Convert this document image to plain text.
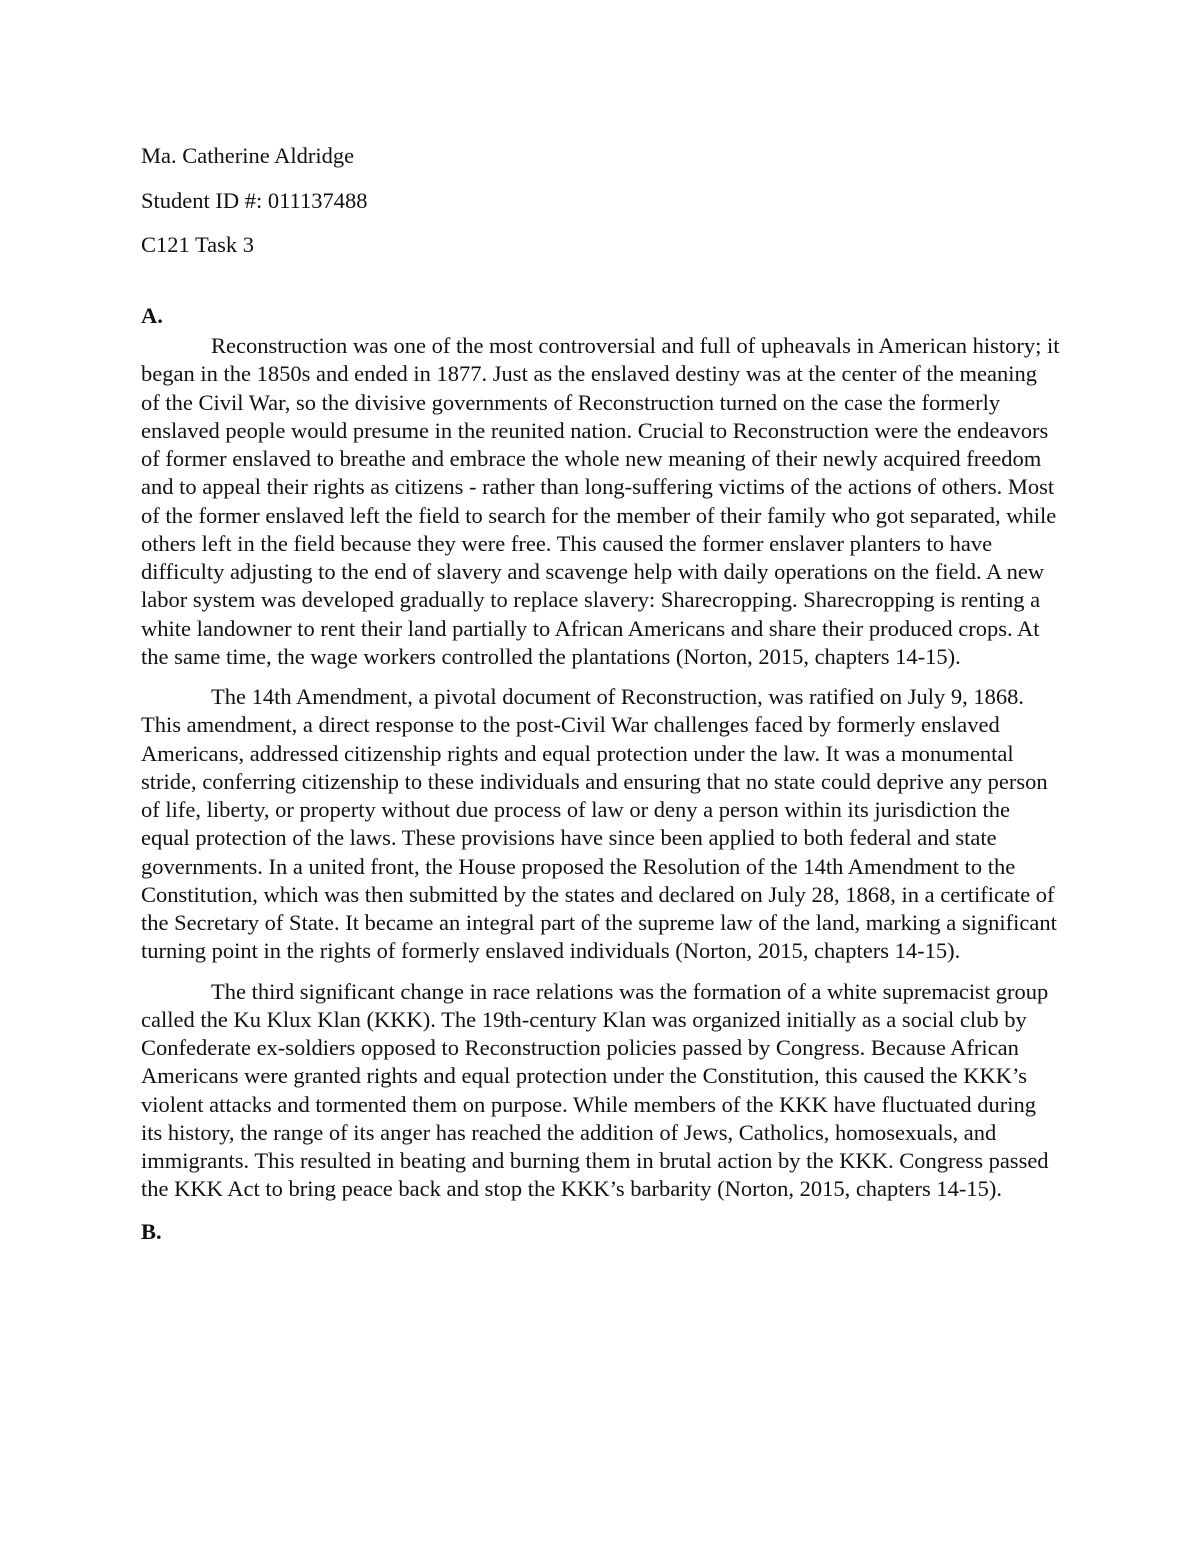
Ma. Catherine Aldridge

Student ID #: 011137488

C121 Task 3

A.

Reconstruction was one of the most controversial and full of upheavals in American history; it began in the 1850s and ended in 1877. Just as the enslaved destiny was at the center of the meaning of the Civil War, so the divisive governments of Reconstruction turned on the case the formerly enslaved people would presume in the reunited nation. Crucial to Reconstruction were the endeavors of former enslaved to breathe and embrace the whole new meaning of their newly acquired freedom and to appeal their rights as citizens - rather than long-suffering victims of the actions of others. Most of the former enslaved left the field to search for the member of their family who got separated, while others left in the field because they were free. This caused the former enslaver planters to have difficulty adjusting to the end of slavery and scavenge help with daily operations on the field. A new labor system was developed gradually to replace slavery: Sharecropping. Sharecropping is renting a white landowner to rent their land partially to African Americans and share their produced crops. At the same time, the wage workers controlled the plantations (Norton, 2015, chapters 14-15).

The 14th Amendment, a pivotal document of Reconstruction, was ratified on July 9, 1868. This amendment, a direct response to the post-Civil War challenges faced by formerly enslaved Americans, addressed citizenship rights and equal protection under the law. It was a monumental stride, conferring citizenship to these individuals and ensuring that no state could deprive any person of life, liberty, or property without due process of law or deny a person within its jurisdiction the equal protection of the laws. These provisions have since been applied to both federal and state governments. In a united front, the House proposed the Resolution of the 14th Amendment to the Constitution, which was then submitted by the states and declared on July 28, 1868, in a certificate of the Secretary of State. It became an integral part of the supreme law of the land, marking a significant turning point in the rights of formerly enslaved individuals (Norton, 2015, chapters 14-15).

The third significant change in race relations was the formation of a white supremacist group called the Ku Klux Klan (KKK). The 19th-century Klan was organized initially as a social club by Confederate ex-soldiers opposed to Reconstruction policies passed by Congress. Because African Americans were granted rights and equal protection under the Constitution, this caused the KKK’s violent attacks and tormented them on purpose. While members of the KKK have fluctuated during its history, the range of its anger has reached the addition of Jews, Catholics, homosexuals, and immigrants. This resulted in beating and burning them in brutal action by the KKK. Congress passed the KKK Act to bring peace back and stop the KKK’s barbarity (Norton, 2015, chapters 14-15).

B.
